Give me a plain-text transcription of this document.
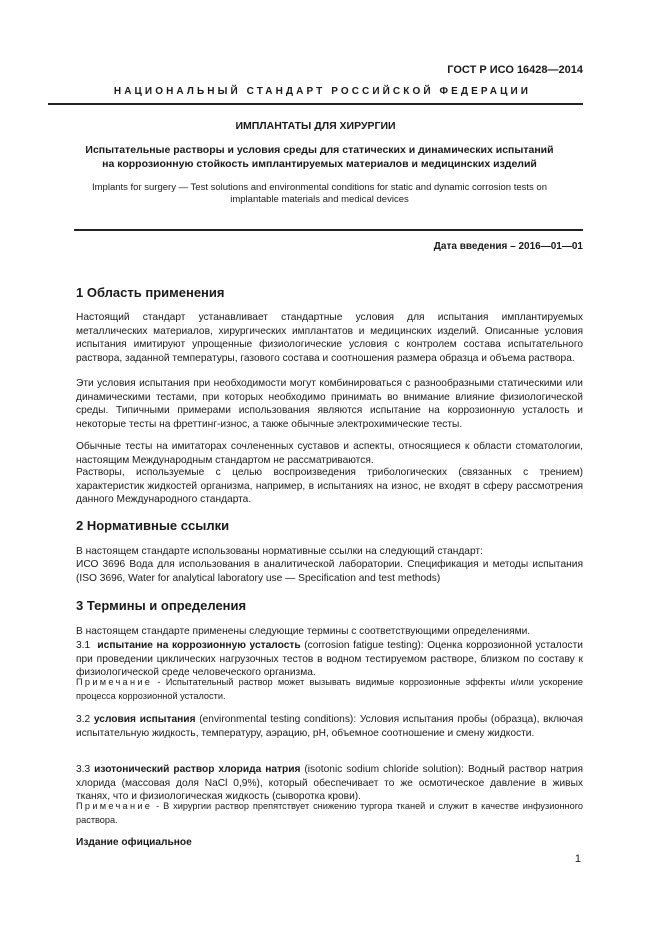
ГОСТ Р ИСО 16428—2014
НАЦИОНАЛЬНЫЙ СТАНДАРТ РОССИЙСКОЙ ФЕДЕРАЦИИ
ИМПЛАНТАТЫ ДЛЯ ХИРУРГИИ
Испытательные растворы и условия среды для статических и динамических испытаний на коррозионную стойкость имплантируемых материалов и медицинских изделий
Implants for surgery — Test solutions and environmental conditions for static and dynamic corrosion tests on implantable materials and medical devices
Дата введения – 2016—01—01
1 Область применения

Настоящий стандарт устанавливает стандартные условия для испытания имплантируемых металлических материалов, хирургических имплантатов и медицинских изделий. Описанные условия испытания имитируют упрощенные физиологические условия с контролем состава испытательного раствора, заданной температуры, газового состава и соотношения размера образца и объема раствора.

Эти условия испытания при необходимости могут комбинироваться с разнообразными статическими или динамическими тестами, при которых необходимо принимать во внимание влияние физиологической среды. Типичными примерами использования являются испытание на коррозионную усталость и некоторые тесты на фреттинг-износ, а также обычные электрохимические тесты.

Обычные тесты на имитаторах сочлененных суставов и аспекты, относящиеся к области стоматологии, настоящим Международным стандартом не рассматриваются.

Растворы, используемые с целью воспроизведения трибологических (связанных с трением) характеристик жидкостей организма, например, в испытаниях на износ, не входят в сферу рассмотрения данного Международного стандарта.

2 Нормативные ссылки

В настоящем стандарте использованы нормативные ссылки на следующий стандарт:

ИСО 3696 Вода для использования в аналитической лаборатории. Спецификация и методы испытания (ISO 3696, Water for analytical laboratory use — Specification and test methods)

3 Термины и определения

В настоящем стандарте применены следующие термины с соответствующими определениями.

3.1 испытание на коррозионную усталость (corrosion fatigue testing): Оценка коррозионной усталости при проведении циклических нагрузочных тестов в водном тестируемом растворе, близком по составу к физиологической среде человеческого организма.

Примечание - Испытательный раствор может вызывать видимые коррозионные эффекты и/или ускорение процесса коррозионной усталости.

3.2 условия испытания (environmental testing conditions): Условия испытания пробы (образца), включая испытательную жидкость, температуру, аэрацию, pH, объемное соотношение и смену жидкости.

3.3 изотонический раствор хлорида натрия (isotonic sodium chloride solution): Водный раствор натрия хлорида (массовая доля NaCl 0,9%), который обеспечивает то же осмотическое давление в живых тканях, что и физиологическая жидкость (сыворотка крови).

Примечание - В хирургии раствор препятствует снижению тургора тканей и служит в качестве инфузионного раствора.

Издание официальное
1
